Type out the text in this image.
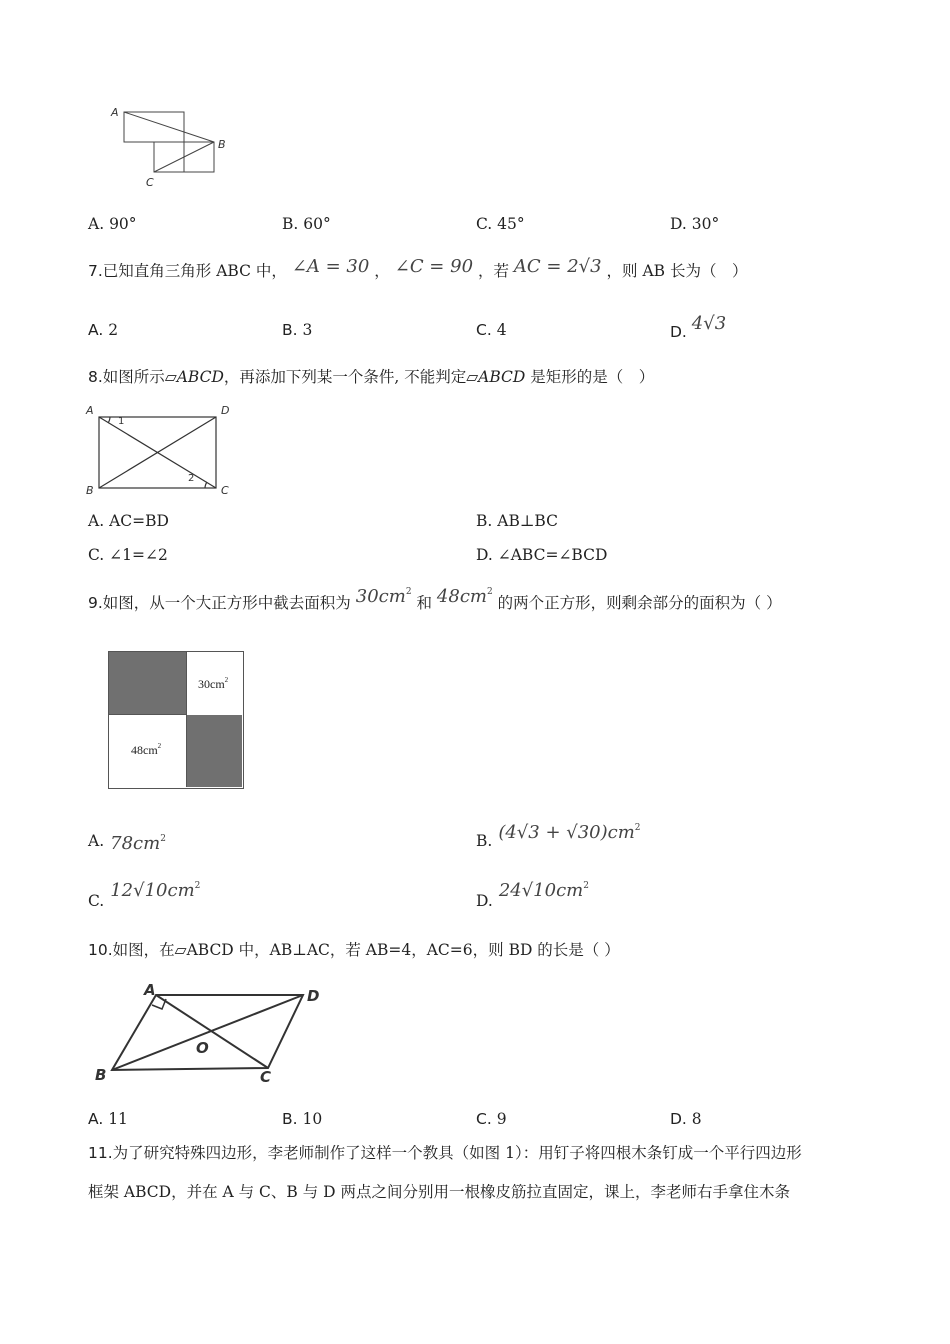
A
B
C
A. 90°	B. 60°	C. 45°	D. 30°
7.已知直角三角形 ABC 中， ∠A = 30 ， ∠C = 90 ，若 AC = 2√3 ，则 AB 长为（　）
A. 2	B. 3	C. 4	D. 4√3
8.如图所示▱ABCD，再添加下列某一个条件, 不能判定▱ABCD 是矩形的是（　）
A	D
B	C
1
2
A. AC=BD	B. AB⊥BC
C. ∠1=∠2	D. ∠ABC=∠BCD
9.如图，从一个大正方形中截去面积为 $30cm^2$ 和 $48cm^2$ 的两个正方形，则剩余部分的面积为（ ）
$30cm^2$
$48cm^2$
A. $78cm^2$	B. $(4√3 + √30)cm^2$
C. $12√10cm^2$
D. $24√10cm^2$
10.如图，在▱ABCD 中，AB⊥AC，若 AB=4，AC=6，则 BD 的长是（ ）
A	D
B	C
O
A. 11	B. 10	C. 9	D. 8
11.为了研究特殊四边形，李老师制作了这样一个教具（如图 1）：用钉子将四根木条钉成一个平行四边形
框架 ABCD，并在 A 与 C、B 与 D 两点之间分别用一根橡皮筋拉直固定，课上，李老师右手拿住木条
